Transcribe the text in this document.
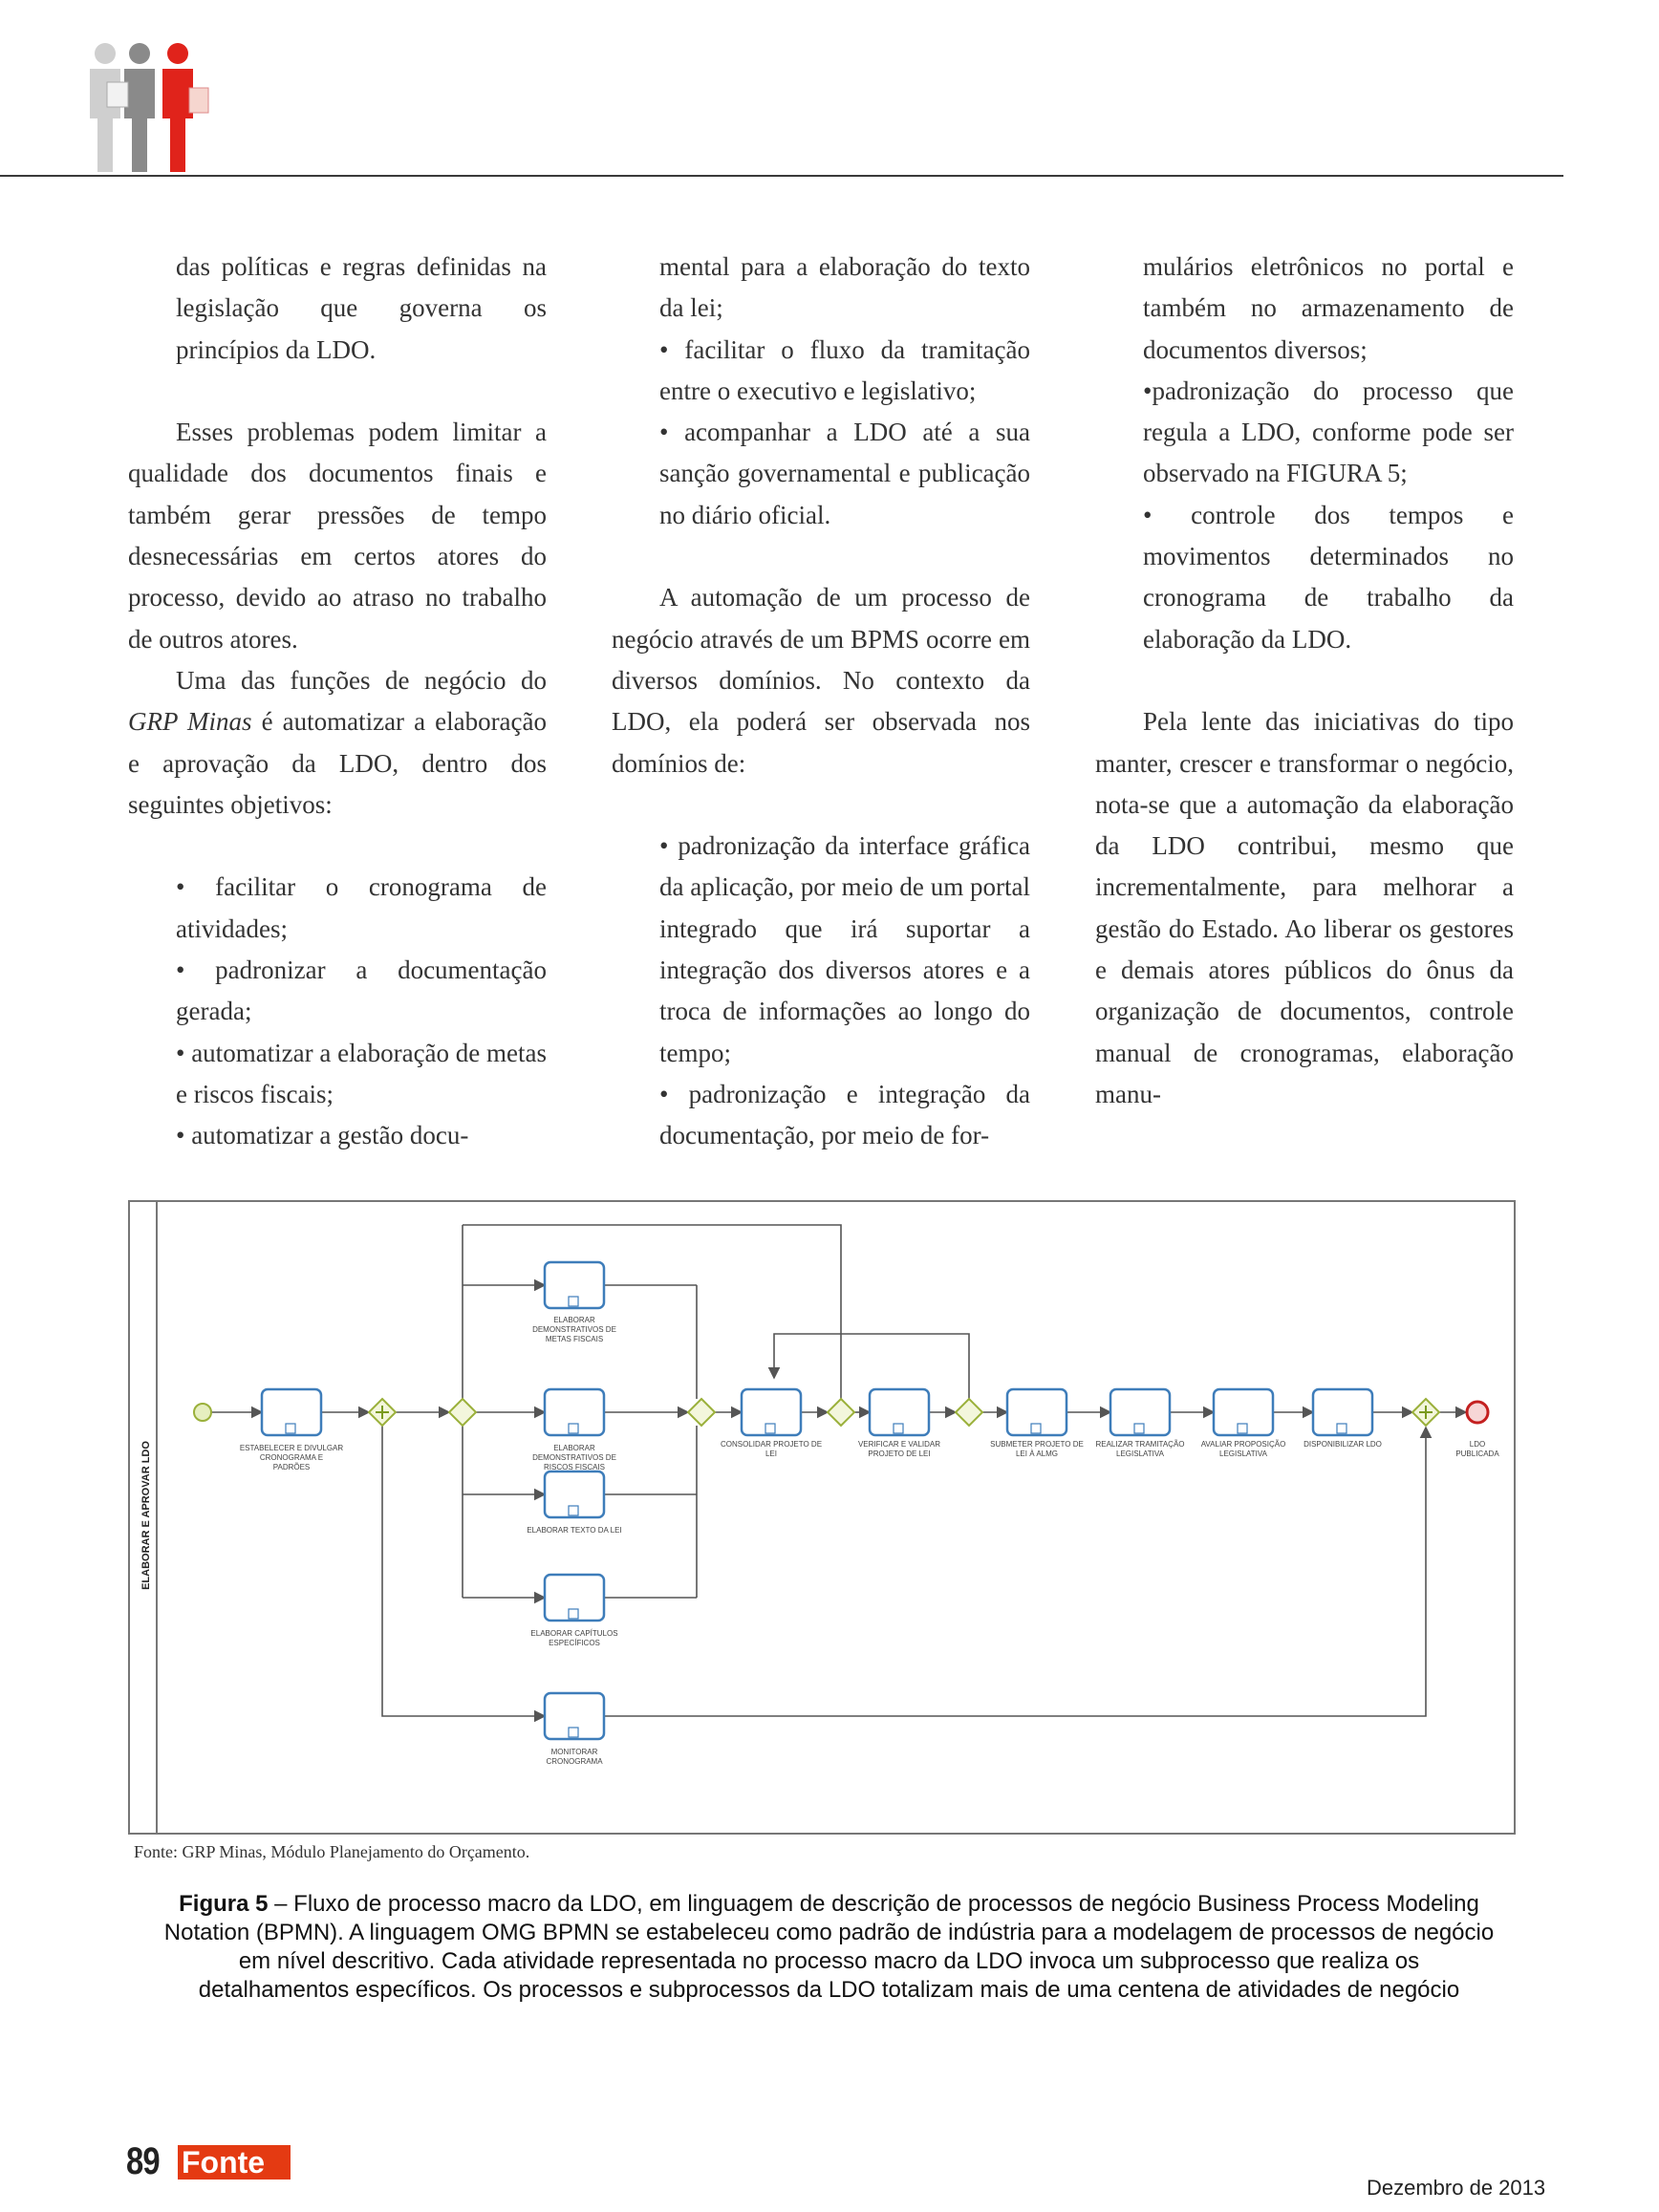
das políticas e regras definidas na legislação que governa os princípios da LDO.

Esses problemas podem limitar a qualidade dos documentos finais e também gerar pressões de tempo desnecessárias em certos atores do processo, devido ao atraso no trabalho de outros atores.

Uma das funções de negócio do GRP Minas é automatizar a elaboração e aprovação da LDO, dentro dos seguintes objetivos:

• facilitar o cronograma de atividades;

• padronizar a documentação gerada;

• automatizar a elaboração de metas e riscos fiscais;

• automatizar a gestão docu-

mental para a elaboração do texto da lei;

• facilitar o fluxo da tramitação entre o executivo e legislativo;

• acompanhar a LDO até a sua sanção governamental e publicação no diário oficial.

A automação de um processo de negócio através de um BPMS ocorre em diversos domínios. No contexto da LDO, ela poderá ser observada nos domínios de:

• padronização da interface gráfica da aplicação, por meio de um portal integrado que irá suportar a integração dos diversos atores e a troca de informações ao longo do tempo;

• padronização e integração da documentação, por meio de for-

mulários eletrônicos no portal e também no armazenamento de documentos diversos;

•padronização do processo que regula a LDO, conforme pode ser observado na FIGURA 5;

• controle dos tempos e movimentos determinados no cronograma de trabalho da elaboração da LDO.

Pela lente das iniciativas do tipo manter, crescer e transformar o negócio, nota-se que a automação da elaboração da LDO contribui, mesmo que incrementalmente, para melhorar a gestão do Estado. Ao liberar os gestores e demais atores públicos do ônus da organização de documentos, controle manual de cronogramas, elaboração manu-

ELABORAR E APROVAR LDO	LDO
PUBLICADA
ESTABELECER E DIVULGAR
CRONOGRAMA E
PADRÕES
ELABORAR
DEMONSTRATIVOS DE
METAS FISCAIS
ELABORAR
DEMONSTRATIVOS DE
RISCOS FISCAIS
ELABORAR TEXTO DA LEI
ELABORAR CAPÍTULOS
ESPECÍFICOS
MONITORAR
CRONOGRAMA
CONSOLIDAR PROJETO DE
LEI
VERIFICAR E VALIDAR
PROJETO DE LEI
SUBMETER PROJETO DE
LEI À ALMG
REALIZAR TRAMITAÇÃO
LEGISLATIVA
AVALIAR PROPOSIÇÃO
LEGISLATIVA
DISPONIBILIZAR LDO
Fonte: GRP Minas, Módulo Planejamento do Orçamento.
Figura 5 – Fluxo de processo macro da LDO, em linguagem de descrição de processos de negócio Business Process Modeling Notation (BPMN). A linguagem OMG BPMN se estabeleceu como padrão de indústria para a modelagem de processos de negócio em nível descritivo. Cada atividade representada no processo macro da LDO invoca um subprocesso que realiza os detalhamentos específicos. Os processos e subprocessos da LDO totalizam mais de uma centena de atividades de negócio
89 Fonte
Dezembro de 2013
